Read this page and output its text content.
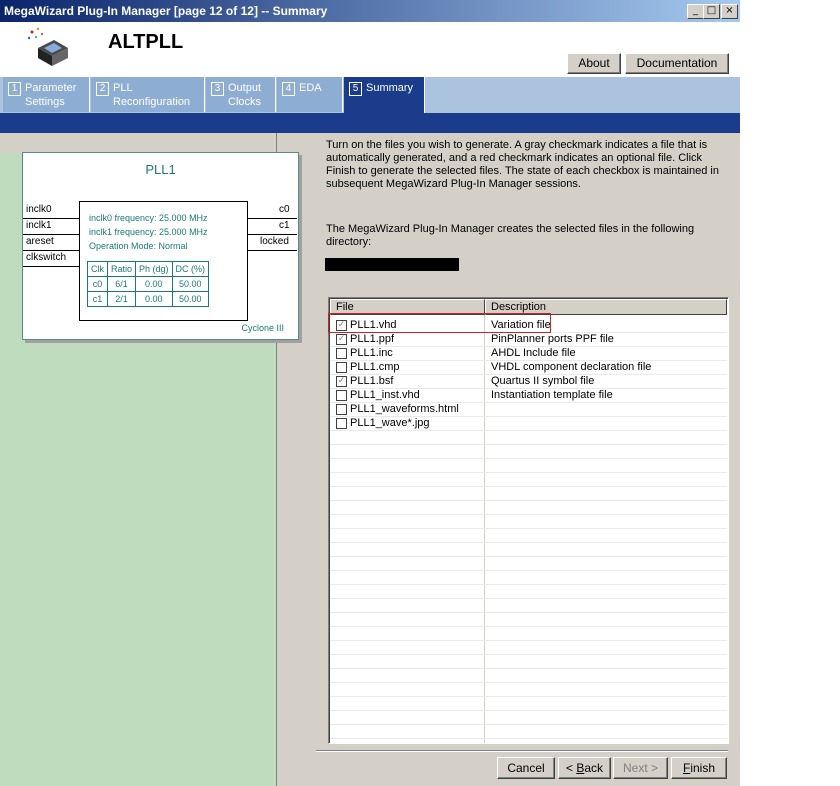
MegaWizard Plug-In Manager [page 12 of 12] -- Summary	_ □ ×
ALTPLL
About	Documentation
1 Parameter
Settings
2 PLL
Reconfiguration
3 Output
Clocks
4 EDA	5 Summary
PLL1
inclk0
inclk1
areset
clkswitch
c0
c1
locked
inclk0 frequency: 25.000 MHz
inclk1 frequency: 25.000 MHz
Operation Mode: Normal
Clk	Ratio	Ph (dg)	DC (%)
c0	6/1	0.00	50.00
c1	2/1	0.00	50.00
Cyclone III
Turn on the files you wish to generate. A gray checkmark indicates a file that is automatically generated, and a red checkmark indicates an optional file. Click Finish to generate the selected files. The state of each checkbox is maintained in subsequent MegaWizard Plug-In Manager sessions.
The MegaWizard Plug-In Manager creates the selected files in the following directory:
File	Description
✓ PLL1.vhd	Variation file
✓ PLL1.ppf	PinPlanner ports PPF file
PLL1.inc	AHDL Include file
PLL1.cmp	VHDL component declaration file
✓ PLL1.bsf	Quartus II symbol file
PLL1_inst.vhd	Instantiation template file
PLL1_waveforms.html
PLL1_wave*.jpg
Cancel	< Back	Next >	Finish
